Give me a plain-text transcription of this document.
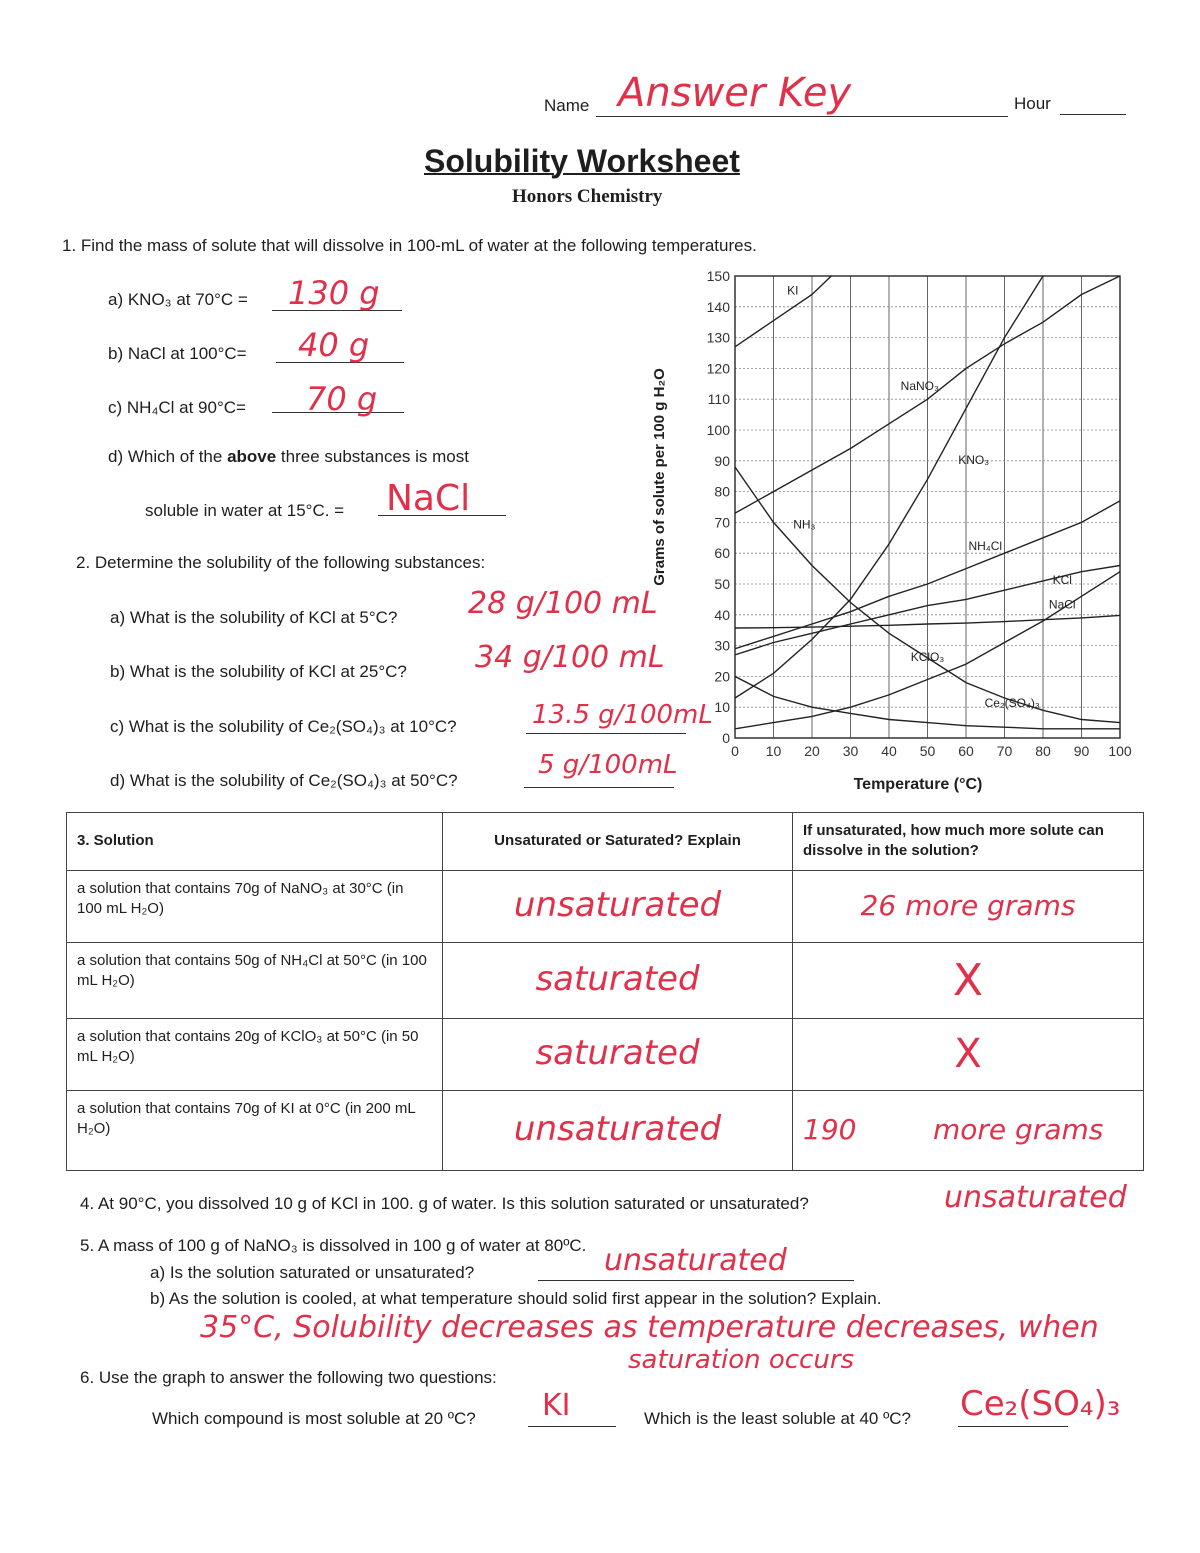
Name Answer Key	Hour
Solubility Worksheet
Honors Chemistry
1. Find the mass of solute that will dissolve in 100-mL of water at the following temperatures.
a) KNO₃ at 70°C = 130 g
b) NaCl at 100°C= 40 g
c) NH₄Cl at 90°C= 70 g
d) Which of the above three substances is most
soluble in water at 15°C. = NaCl
2. Determine the solubility of the following substances:
a) What is the solubility of KCl at 5°C? 28 g/100 mL
b) What is the solubility of KCl at 25°C? 34 g/100 mL
c) What is the solubility of Ce₂(SO₄)₃ at 10°C?	13.5 g/100mL
d) What is the solubility of Ce₂(SO₄)₃ at 50°C?
5 g/100mL
Grams of solute per 100 g H₂O
Temperature (°C)
0 10 20 30 40 50 60 70 80 90 100
0
10
20
30
40
50
60
70
80
90
100
110
120
130
140
150
KI
NaNO₃
KNO₃
NH₃
NH₄Cl
KCl
NaCl
KClO₃
Ce₂(SO₄)₃
3. Solution	Unsaturated or Saturated? Explain	If unsaturated, how much more solute can dissolve in the solution?
a solution that contains 70g of NaNO₃ at 30°C (in 100 mL H₂O)	unsaturated	26 more grams
a solution that contains 50g of NH₄Cl at 50°C (in 100 mL H₂O)	saturated	X
a solution that contains 20g of KClO₃ at 50°C (in 50 mL H₂O)	saturated	X
a solution that contains 70g of KI at 0°C (in 200 mL H₂O)	unsaturated	190 more grams
4. At 90°C, you dissolved 10 g of KCl in 100. g of water. Is this solution saturated or unsaturated?	unsaturated
5. A mass of 100 g of NaNO₃ is dissolved in 100 g of water at 80ºC.
a) Is the solution saturated or unsaturated?	unsaturated
b) As the solution is cooled, at what temperature should solid first appear in the solution? Explain.
35°C, Solubility decreases as temperature decreases, when
saturation occurs
6. Use the graph to answer the following two questions:
Which compound is most soluble at 20 ºC? KI	Which is the least soluble at 40 ºC? Ce₂(SO₄)₃
